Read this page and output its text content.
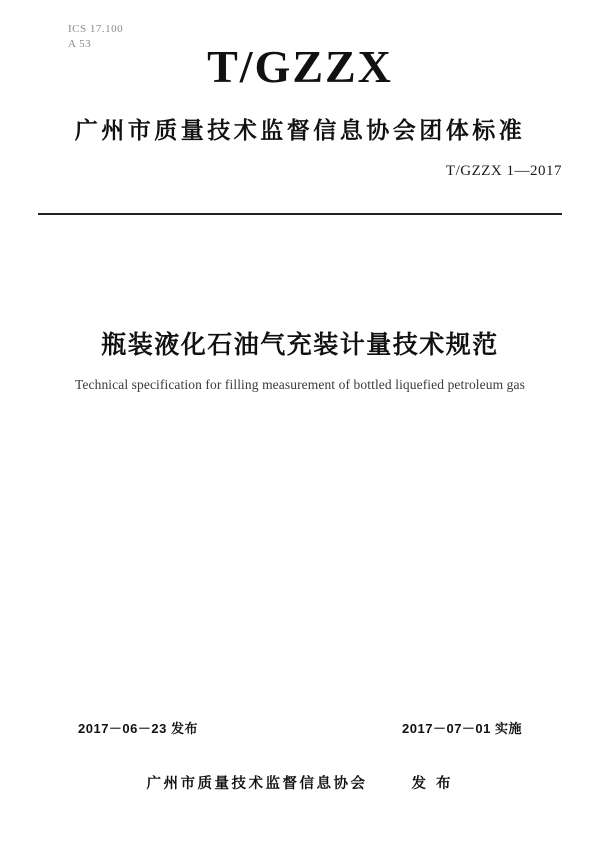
ICS 17.100
A 53	T/GZZX
广州市质量技术监督信息协会团体标准
T/GZZX 1—2017
瓶装液化石油气充装计量技术规范
Technical specification for filling measurement of bottled liquefied petroleum gas
2017－06－23 发布	2017－07－01 实施
广州市质量技术监督信息协会	发 布
